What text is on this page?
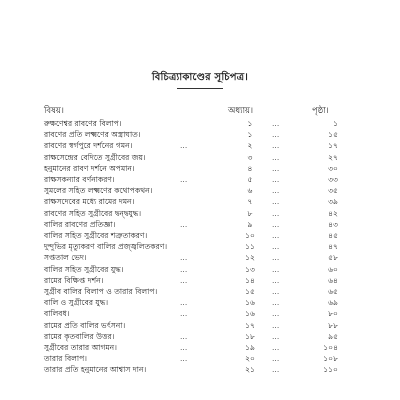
বিচিত্র্যাকাণ্ডের সূচিপত্র।
বিষয়।	অধ্যায়।	পৃষ্ঠা।
রুক্ষণেশ্বর রাবণের বিলাপ।	১	...	১
রাবণের প্রতি লক্ষ্মণের অস্ত্রাঘাত।	১	...	১৫
রাবণের স্বর্গপুরে দর্শনের গমন।	...	২	...	১৭
রাক্ষসেন্দ্রের বেদিতে সুগ্রীবের জয়।	৩	...	২৭
হনুমানের রাবণ দর্শনে অপমান।	৪	...	৩০
রাক্ষসকন্যার বর্ণনাকরণ।	...	৫	...	৩৩
সুমলের সহিত লক্ষ্মণের কথোপকথন।	৬	...	৩৫
রাক্ষসদেবের মধ্যে রামের দমন।	৭	...	৩৯
রাবণের সহিত সুগ্রীবের দ্বন্দ্বযুদ্ধ।	৮	...	৪২
বালির রাবণের প্রতিজ্ঞা।	...	৯	...	৪৩
বালির সহিত সুগ্রীবের শত্রুতাকরণ।	১০	...	৪৫
দুন্দুভির মৃত্যুকরণ বালির প্রজ্জ্বলিতকরণ।	১১	...	৪৭
সপ্ততাল ভেদ।	...	১২	...	৫৮
বালির সহিত সুগ্রীবের যুদ্ধ।	...	১৩	...	৬০
রামের বিক্ষিপ্ত দর্শন।	...	১৪	...	৬৪
সুগ্রীব বালির বিলাপ ও তারার বিলাপ।	১৫	...	৬৫
বালি ও সুগ্রীবের যুদ্ধ।	...	১৬	...	৬৯
বালিবধ।	...	১৬	...	৮০
রামের প্রতি বালির ভর্ৎসনা।	১৭	...	৮৮
রামের কৃতবালির উত্তর।	...	১৮	...	৯৫
সুগ্রীবের তারার আগমন।	...	১৯	...	১০৪
তারার বিলাপ।	...	২০	...	১০৮
তারার প্রতি হনুমানের আশ্বাস দান।	২১	...	১১০
